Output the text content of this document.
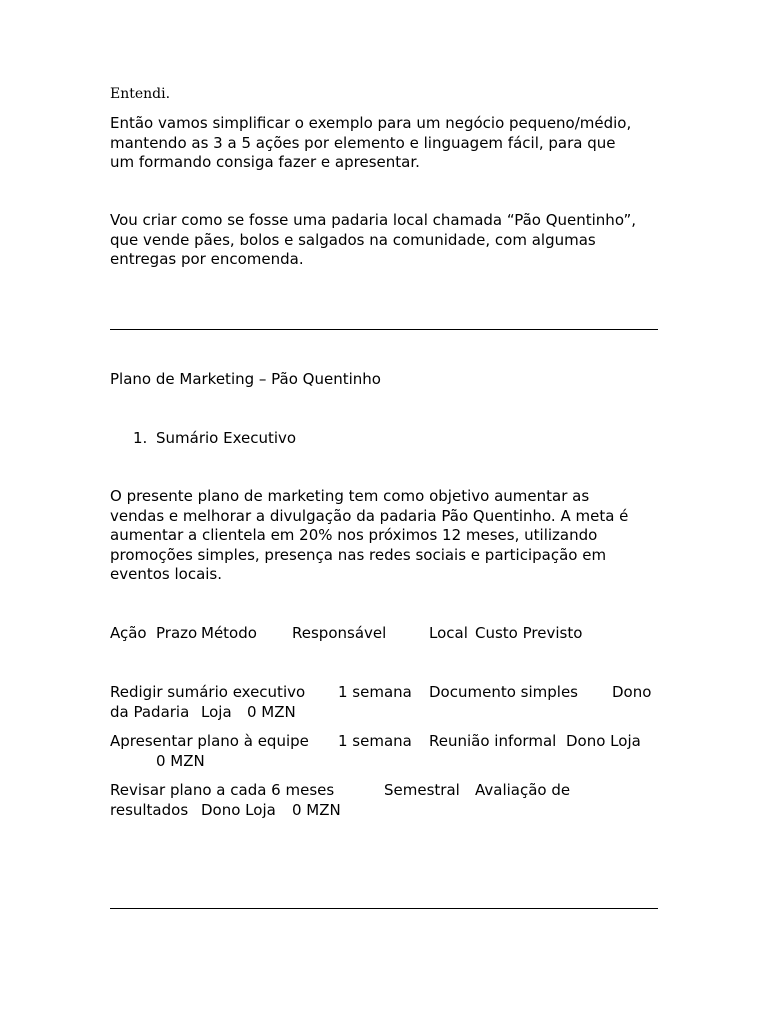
Entendi.

Então vamos simplificar o exemplo para um negócio pequeno/médio,
mantendo as 3 a 5 ações por elemento e linguagem fácil, para que
um formando consiga fazer e apresentar.
Vou criar como se fosse uma padaria local chamada “Pão Quentinho”,
que vende pães, bolos e salgados na comunidade, com algumas
entregas por encomenda.

Plano de Marketing – Pão Quentinho

1. Sumário Executivo
O presente plano de marketing tem como objetivo aumentar as
vendas e melhorar a divulgação da padaria Pão Quentinho. A meta é
aumentar a clientela em 20% nos próximos 12 meses, utilizando
promoções simples, presença nas redes sociais e participação em
eventos locais.
Ação Prazo Método Responsável	Local Custo Previsto
Redigir sumário executivo 1 semana Documento simples Dono
da Padaria Loja 0 MZN
Apresentar plano à equipe 1 semana Reunião informal Dono Loja
0 MZN
Revisar plano a cada 6 meses	Semestral Avaliação de
resultados Dono Loja 0 MZN
